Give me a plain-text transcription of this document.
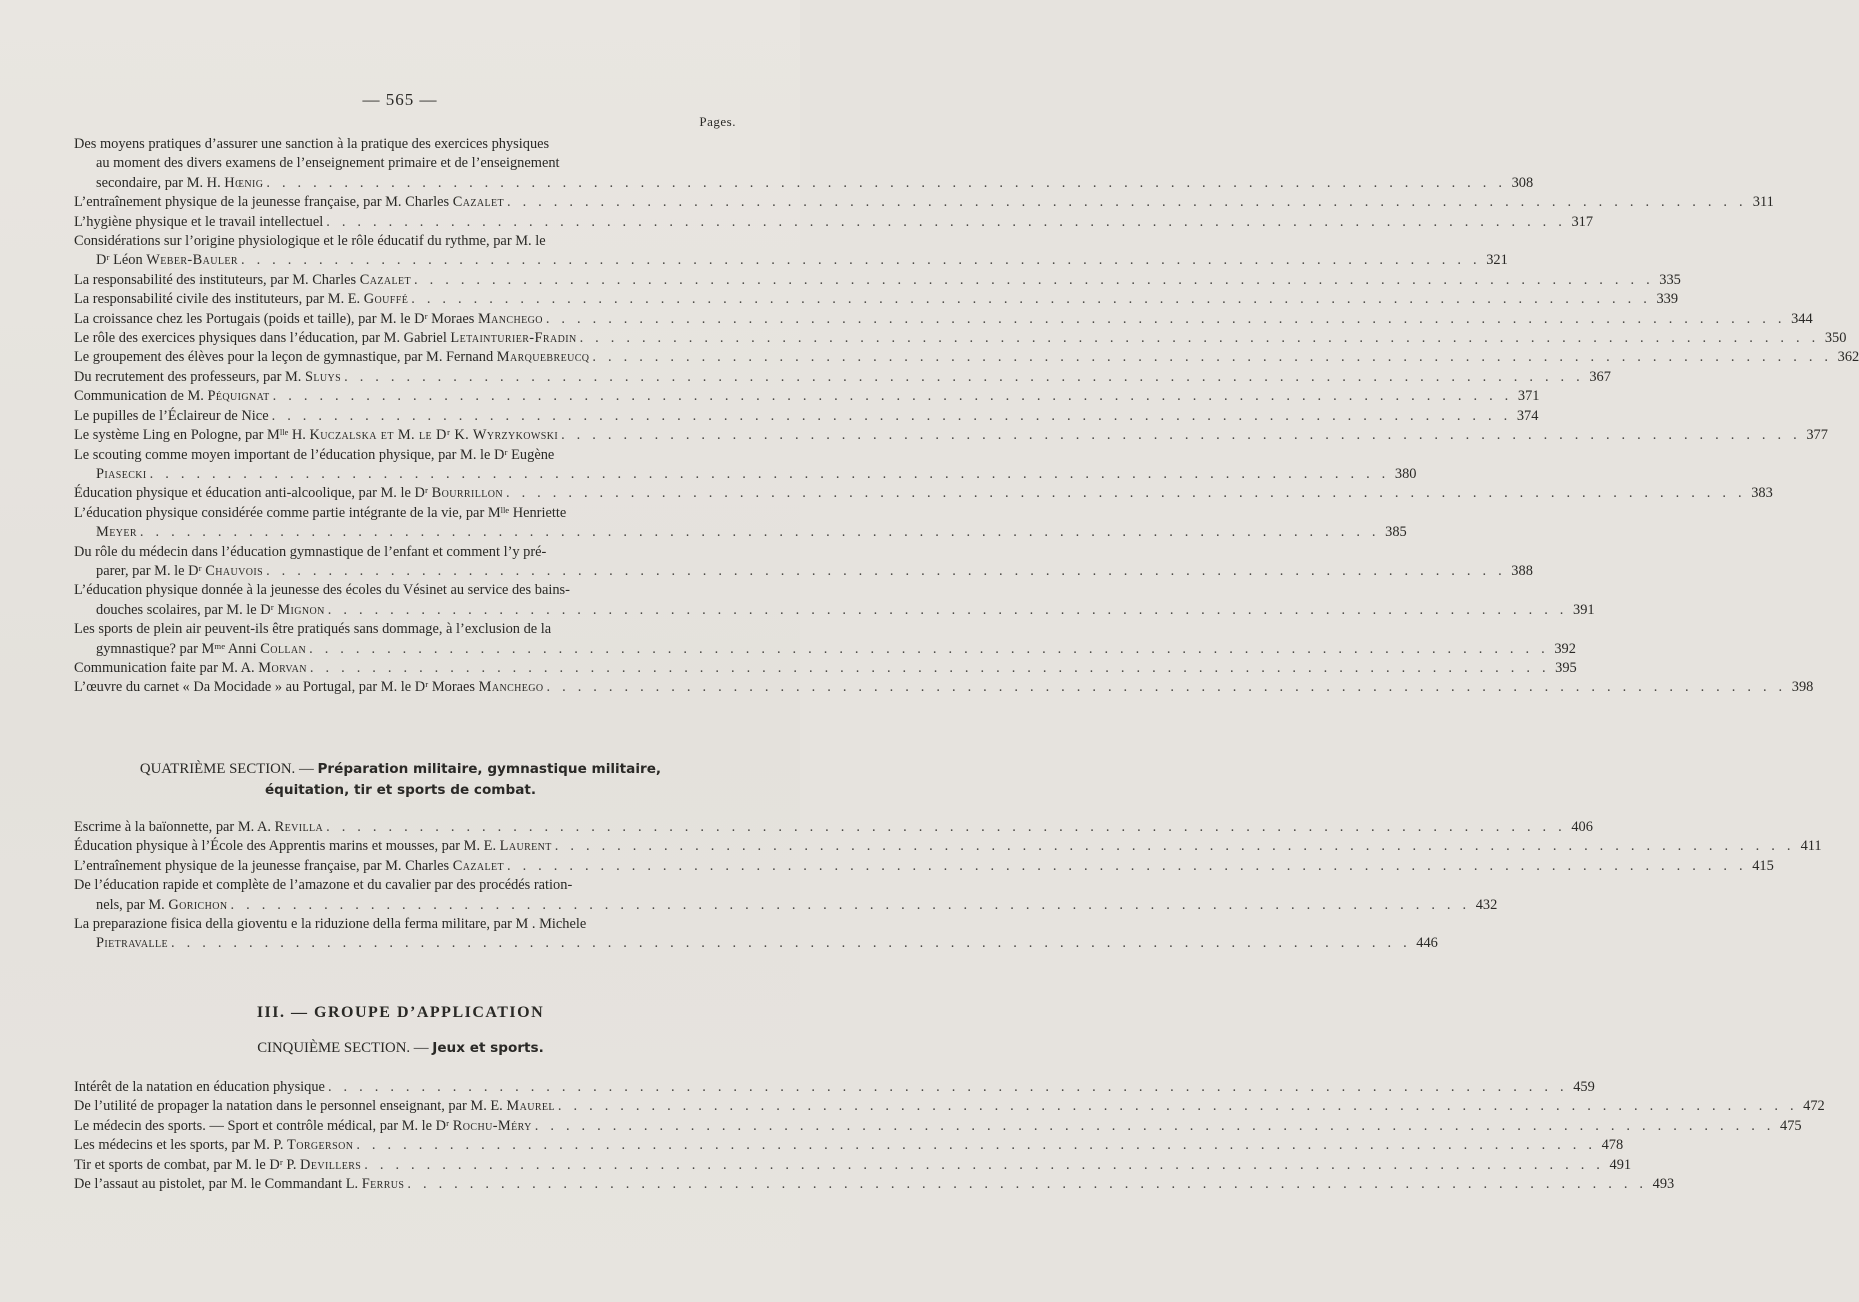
— 565 —
Pages.
Des moyens pratiques d’assurer une sanction à la pratique des exercices physiques
au moment des divers examens de l’enseignement primaire et de l’enseignement
secondaire, par M. H. Hœnig . . . . . . . . . . . . . . . . . . . . . . . . . . . . . . . . . . . . . . . . . . . . . . . . . . . . . . . . . . . . . . . . . . . . . . . . . . . . . . . . 308
L’entraînement physique de la jeunesse française, par M. Charles Cazalet . . . . . . . . . . . . . . . . . . . . . . . . . . . . . . . . . . . . . . . . . . . . . . . . . . . . . . . . . . . . . . . . . . . . . . . . . . . . . . . . 311
L’hygiène physique et le travail intellectuel . . . . . . . . . . . . . . . . . . . . . . . . . . . . . . . . . . . . . . . . . . . . . . . . . . . . . . . . . . . . . . . . . . . . . . . . . . . . . . . . 317
Considérations sur l’origine physiologique et le rôle éducatif du rythme, par M. le
Dʳ Léon Weber-Bauler . . . . . . . . . . . . . . . . . . . . . . . . . . . . . . . . . . . . . . . . . . . . . . . . . . . . . . . . . . . . . . . . . . . . . . . . . . . . . . . . 321
La responsabilité des instituteurs, par M. Charles Cazalet . . . . . . . . . . . . . . . . . . . . . . . . . . . . . . . . . . . . . . . . . . . . . . . . . . . . . . . . . . . . . . . . . . . . . . . . . . . . . . . . 335
La responsabilité civile des instituteurs, par M. E. Gouffé . . . . . . . . . . . . . . . . . . . . . . . . . . . . . . . . . . . . . . . . . . . . . . . . . . . . . . . . . . . . . . . . . . . . . . . . . . . . . . . . 339
La croissance chez les Portugais (poids et taille), par M. le Dʳ Moraes Manchego . . . . . . . . . . . . . . . . . . . . . . . . . . . . . . . . . . . . . . . . . . . . . . . . . . . . . . . . . . . . . . . . . . . . . . . . . . . . . . . . 344
Le rôle des exercices physiques dans l’éducation, par M. Gabriel Letainturier-Fradin . . . . . . . . . . . . . . . . . . . . . . . . . . . . . . . . . . . . . . . . . . . . . . . . . . . . . . . . . . . . . . . . . . . . . . . . . . . . . . . . 350
Le groupement des élèves pour la leçon de gymnastique, par M. Fernand Marquebreucq . . . . . . . . . . . . . . . . . . . . . . . . . . . . . . . . . . . . . . . . . . . . . . . . . . . . . . . . . . . . . . . . . . . . . . . . . . . . . . . . 362
Du recrutement des professeurs, par M. Sluys . . . . . . . . . . . . . . . . . . . . . . . . . . . . . . . . . . . . . . . . . . . . . . . . . . . . . . . . . . . . . . . . . . . . . . . . . . . . . . . . 367
Communication de M. Péquignat . . . . . . . . . . . . . . . . . . . . . . . . . . . . . . . . . . . . . . . . . . . . . . . . . . . . . . . . . . . . . . . . . . . . . . . . . . . . . . . . 371
Le pupilles de l’Éclaireur de Nice . . . . . . . . . . . . . . . . . . . . . . . . . . . . . . . . . . . . . . . . . . . . . . . . . . . . . . . . . . . . . . . . . . . . . . . . . . . . . . . . 374
Le système Ling en Pologne, par Mˡˡᵉ H. Kuczalska et M. le Dʳ K. Wyrzykowski . . . . . . . . . . . . . . . . . . . . . . . . . . . . . . . . . . . . . . . . . . . . . . . . . . . . . . . . . . . . . . . . . . . . . . . . . . . . . . . . 377
Le scouting comme moyen important de l’éducation physique, par M. le Dʳ Eugène
Piasecki . . . . . . . . . . . . . . . . . . . . . . . . . . . . . . . . . . . . . . . . . . . . . . . . . . . . . . . . . . . . . . . . . . . . . . . . . . . . . . . . 380
Éducation physique et éducation anti-alcoolique, par M. le Dʳ Bourrillon . . . . . . . . . . . . . . . . . . . . . . . . . . . . . . . . . . . . . . . . . . . . . . . . . . . . . . . . . . . . . . . . . . . . . . . . . . . . . . . . 383
L’éducation physique considérée comme partie intégrante de la vie, par Mˡˡᵉ Henriette
Meyer . . . . . . . . . . . . . . . . . . . . . . . . . . . . . . . . . . . . . . . . . . . . . . . . . . . . . . . . . . . . . . . . . . . . . . . . . . . . . . . . 385
Du rôle du médecin dans l’éducation gymnastique de l’enfant et comment l’y pré-
parer, par M. le Dʳ Chauvois . . . . . . . . . . . . . . . . . . . . . . . . . . . . . . . . . . . . . . . . . . . . . . . . . . . . . . . . . . . . . . . . . . . . . . . . . . . . . . . . 388
L’éducation physique donnée à la jeunesse des écoles du Vésinet au service des bains-
douches scolaires, par M. le Dʳ Mignon . . . . . . . . . . . . . . . . . . . . . . . . . . . . . . . . . . . . . . . . . . . . . . . . . . . . . . . . . . . . . . . . . . . . . . . . . . . . . . . . 391
Les sports de plein air peuvent-ils être pratiqués sans dommage, à l’exclusion de la
gymnastique? par Mᵐᵉ Anni Collan . . . . . . . . . . . . . . . . . . . . . . . . . . . . . . . . . . . . . . . . . . . . . . . . . . . . . . . . . . . . . . . . . . . . . . . . . . . . . . . . 392
Communication faite par M. A. Morvan . . . . . . . . . . . . . . . . . . . . . . . . . . . . . . . . . . . . . . . . . . . . . . . . . . . . . . . . . . . . . . . . . . . . . . . . . . . . . . . . 395
L’œuvre du carnet « Da Mocidade » au Portugal, par M. le Dʳ Moraes Manchego . . . . . . . . . . . . . . . . . . . . . . . . . . . . . . . . . . . . . . . . . . . . . . . . . . . . . . . . . . . . . . . . . . . . . . . . . . . . . . . . 398
QUATRIÈME SECTION. — Préparation militaire, gymnastique militaire,
équitation, tir et sports de combat.
Escrime à la baïonnette, par M. A. Revilla . . . . . . . . . . . . . . . . . . . . . . . . . . . . . . . . . . . . . . . . . . . . . . . . . . . . . . . . . . . . . . . . . . . . . . . . . . . . . . . . 406
Éducation physique à l’École des Apprentis marins et mousses, par M. E. Laurent . . . . . . . . . . . . . . . . . . . . . . . . . . . . . . . . . . . . . . . . . . . . . . . . . . . . . . . . . . . . . . . . . . . . . . . . . . . . . . . . 411
L’entraînement physique de la jeunesse française, par M. Charles Cazalet . . . . . . . . . . . . . . . . . . . . . . . . . . . . . . . . . . . . . . . . . . . . . . . . . . . . . . . . . . . . . . . . . . . . . . . . . . . . . . . . 415
De l’éducation rapide et complète de l’amazone et du cavalier par des procédés ration-
nels, par M. Gorichon . . . . . . . . . . . . . . . . . . . . . . . . . . . . . . . . . . . . . . . . . . . . . . . . . . . . . . . . . . . . . . . . . . . . . . . . . . . . . . . . 432
La preparazione fisica della gioventu e la riduzione della ferma militare, par M . Michele
Pietravalle . . . . . . . . . . . . . . . . . . . . . . . . . . . . . . . . . . . . . . . . . . . . . . . . . . . . . . . . . . . . . . . . . . . . . . . . . . . . . . . . 446
III. — GROUPE D’APPLICATION
CINQUIÈME SECTION. — Jeux et sports.
Intérêt de la natation en éducation physique . . . . . . . . . . . . . . . . . . . . . . . . . . . . . . . . . . . . . . . . . . . . . . . . . . . . . . . . . . . . . . . . . . . . . . . . . . . . . . . . 459
De l’utilité de propager la natation dans le personnel enseignant, par M. E. Maurel . . . . . . . . . . . . . . . . . . . . . . . . . . . . . . . . . . . . . . . . . . . . . . . . . . . . . . . . . . . . . . . . . . . . . . . . . . . . . . . . 472
Le médecin des sports. — Sport et contrôle médical, par M. le Dʳ Rochu-Méry . . . . . . . . . . . . . . . . . . . . . . . . . . . . . . . . . . . . . . . . . . . . . . . . . . . . . . . . . . . . . . . . . . . . . . . . . . . . . . . . 475
Les médecins et les sports, par M. P. Torgerson . . . . . . . . . . . . . . . . . . . . . . . . . . . . . . . . . . . . . . . . . . . . . . . . . . . . . . . . . . . . . . . . . . . . . . . . . . . . . . . . 478
Tir et sports de combat, par M. le Dʳ P. Devillers . . . . . . . . . . . . . . . . . . . . . . . . . . . . . . . . . . . . . . . . . . . . . . . . . . . . . . . . . . . . . . . . . . . . . . . . . . . . . . . . 491
De l’assaut au pistolet, par M. le Commandant L. Ferrus . . . . . . . . . . . . . . . . . . . . . . . . . . . . . . . . . . . . . . . . . . . . . . . . . . . . . . . . . . . . . . . . . . . . . . . . . . . . . . . . 493
